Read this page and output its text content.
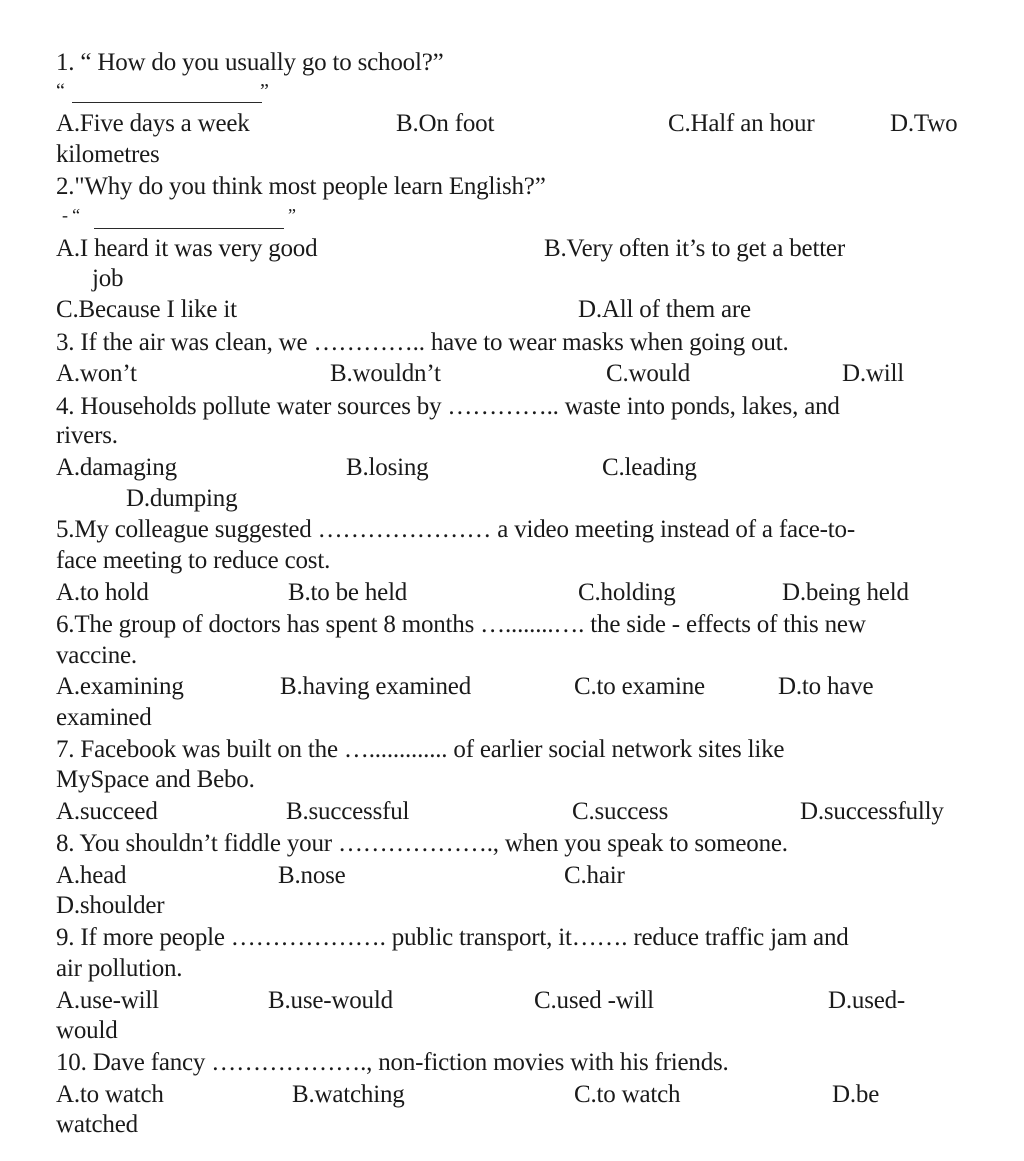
1. “ How do you usually go to school?”
“	”
A.Five days a week	B.On foot	C.Half an hour	D.Two
kilometres
2."Why do you think most people learn English?”
- “	”
A.I heard it was very good	B.Very often it’s to get a better
job
C.Because I like it	D.All of them are
3. If the air was clean, we ………….. have to wear masks when going out.
A.won’t	B.wouldn’t	C.would	D.will
4. Households pollute water sources by ………….. waste into ponds, lakes, and
rivers.
A.damaging	B.losing	C.leading
D.dumping
5.My colleague suggested ………………… a video meeting instead of a face-to-
face meeting to reduce cost.
A.to hold	B.to be held	C.holding	D.being held
6.The group of doctors has spent 8 months …........…. the side - effects of this new
vaccine.
A.examining	B.having examined	C.to examine	D.to have
examined
7. Facebook was built on the …............. of earlier social network sites like
MySpace and Bebo.
A.succeed	B.successful	C.success	D.successfully
8. You shouldn’t fiddle your ………………., when you speak to someone.
A.head	B.nose	C.hair
D.shoulder
9. If more people ………………. public transport, it……. reduce traffic jam and
air pollution.
A.use-will	B.use-would	C.used -will	D.used-
would
10. Dave fancy ………………., non-fiction movies with his friends.
A.to watch	B.watching	C.to watch	D.be
watched
